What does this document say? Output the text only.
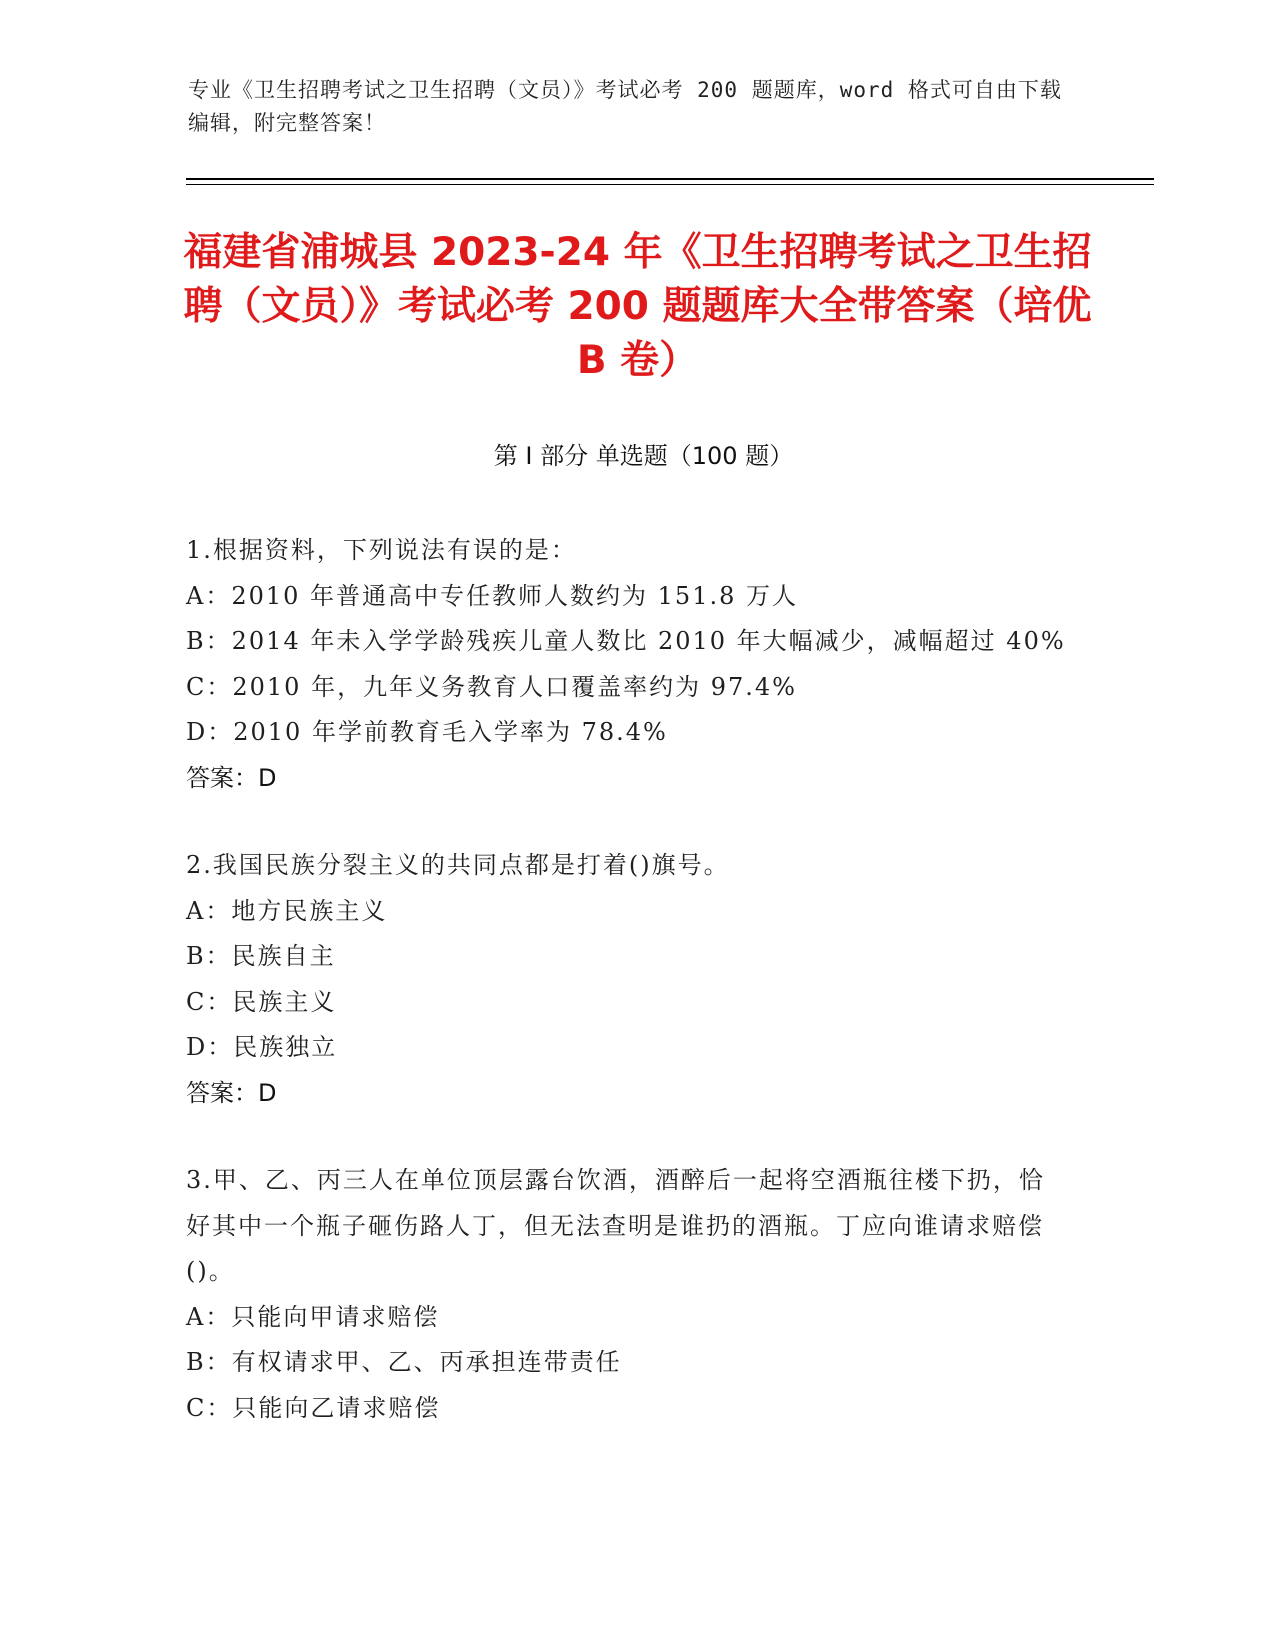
专业《卫生招聘考试之卫生招聘（文员）》考试必考 200 题题库，word 格式可自由下载编辑，附完整答案！
福建省浦城县 2023-24 年《卫生招聘考试之卫生招聘（文员）》考试必考 200 题题库大全带答案（培优 B 卷）
第 I 部分 单选题（100 题）

1.根据资料，下列说法有误的是：

A：2010 年普通高中专任教师人数约为 151.8 万人

B：2014 年未入学学龄残疾儿童人数比 2010 年大幅减少，减幅超过 40%

C：2010 年，九年义务教育人口覆盖率约为 97.4%

D：2010 年学前教育毛入学率为 78.4%

答案：D

2.我国民族分裂主义的共同点都是打着()旗号。

A：地方民族主义

B：民族自主

C：民族主义

D：民族独立

答案：D

3.甲、乙、丙三人在单位顶层露台饮酒，酒醉后一起将空酒瓶往楼下扔，恰好其中一个瓶子砸伤路人丁，但无法查明是谁扔的酒瓶。丁应向谁请求赔偿()。

A：只能向甲请求赔偿

B：有权请求甲、乙、丙承担连带责任

C：只能向乙请求赔偿
